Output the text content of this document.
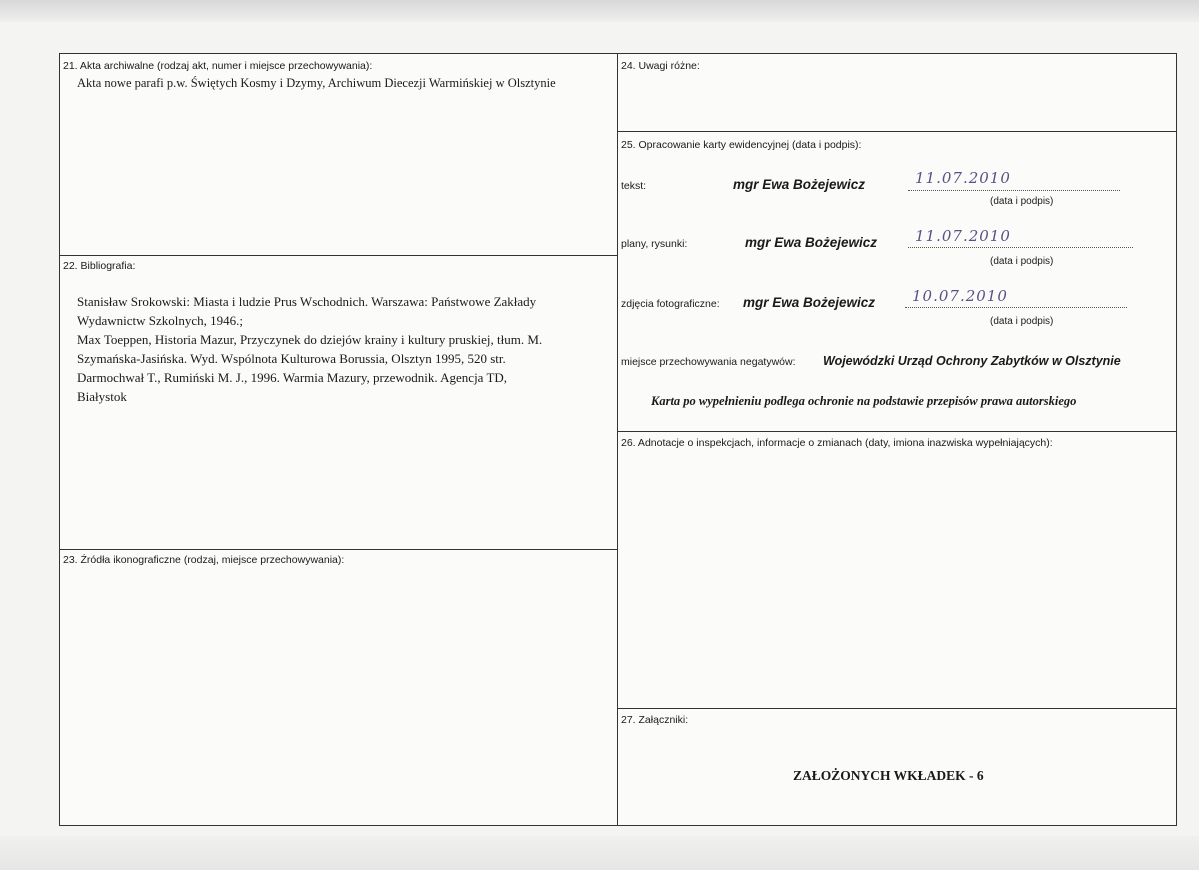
21. Akta archiwalne (rodzaj akt, numer i miejsce przechowywania):
Akta nowe parafi p.w. Świętych Kosmy i Dzymy, Archiwum Diecezji Warmińskiej w Olsztynie
22. Bibliografia:
Stanisław Srokowski: Miasta i ludzie Prus Wschodnich. Warszawa: Państwowe Zakłady
Wydawnictw Szkolnych, 1946.;
Max Toeppen, Historia Mazur, Przyczynek do dziejów krainy i kultury pruskiej, tłum. M.
Szymańska-Jasińska. Wyd. Wspólnota Kulturowa Borussia, Olsztyn 1995, 520 str.
Darmochwał T., Rumiński M. J., 1996. Warmia Mazury, przewodnik. Agencja TD,
Białystok
23. Źródła ikonograficzne (rodzaj, miejsce przechowywania):
24. Uwagi różne:
25. Opracowanie karty ewidencyjnej (data i podpis):
tekst:	mgr Ewa Bożejewicz	11.07.2010
(data i podpis)
plany, rysunki:	mgr Ewa Bożejewicz	11.07.2010
(data i podpis)
zdjęcia fotograficzne: mgr Ewa Bożejewicz 10.07.2010
(data i podpis)
miejsce przechowywania negatywów: Wojewódzki Urząd Ochrony Zabytków w Olsztynie
Karta po wypełnieniu podlega ochronie na podstawie przepisów prawa autorskiego
26. Adnotacje o inspekcjach, informacje o zmianach (daty, imiona inazwiska wypełniających):
27. Załączniki:
ZAŁOŻONYCH WKŁADEK - 6
